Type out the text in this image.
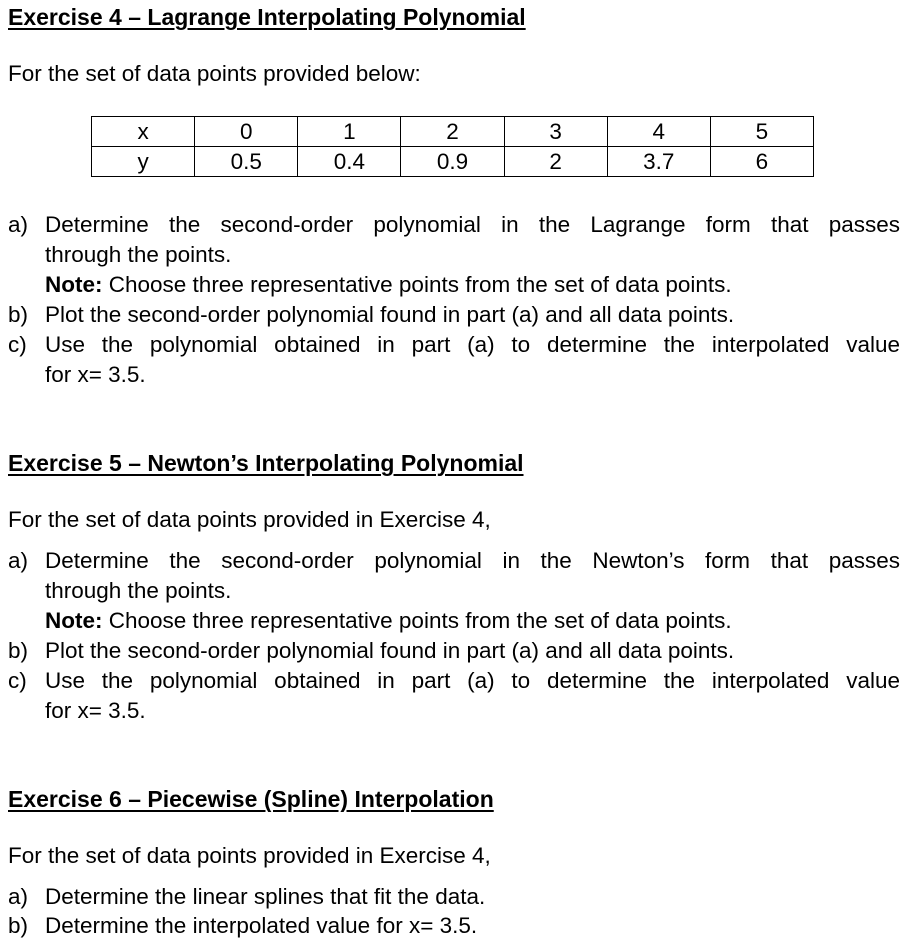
Exercise 4 – Lagrange Interpolating Polynomial
For the set of data points provided below:
x	0	1	2	3	4	5
y	0.5	0.4	0.9	2	3.7	6
a) Determine the second-order polynomial in the Lagrange form that passes
through the points.
Note: Choose three representative points from the set of data points.
b) Plot the second-order polynomial found in part (a) and all data points.
c) Use the polynomial obtained in part (a) to determine the interpolated value
for x= 3.5.
Exercise 5 – Newton’s Interpolating Polynomial
For the set of data points provided in Exercise 4,
a) Determine the second-order polynomial in the Newton’s form that passes
through the points.
Note: Choose three representative points from the set of data points.
b) Plot the second-order polynomial found in part (a) and all data points.
c) Use the polynomial obtained in part (a) to determine the interpolated value
for x= 3.5.
Exercise 6 – Piecewise (Spline) Interpolation
For the set of data points provided in Exercise 4,
a) Determine the linear splines that fit the data.
b) Determine the interpolated value for x= 3.5.
